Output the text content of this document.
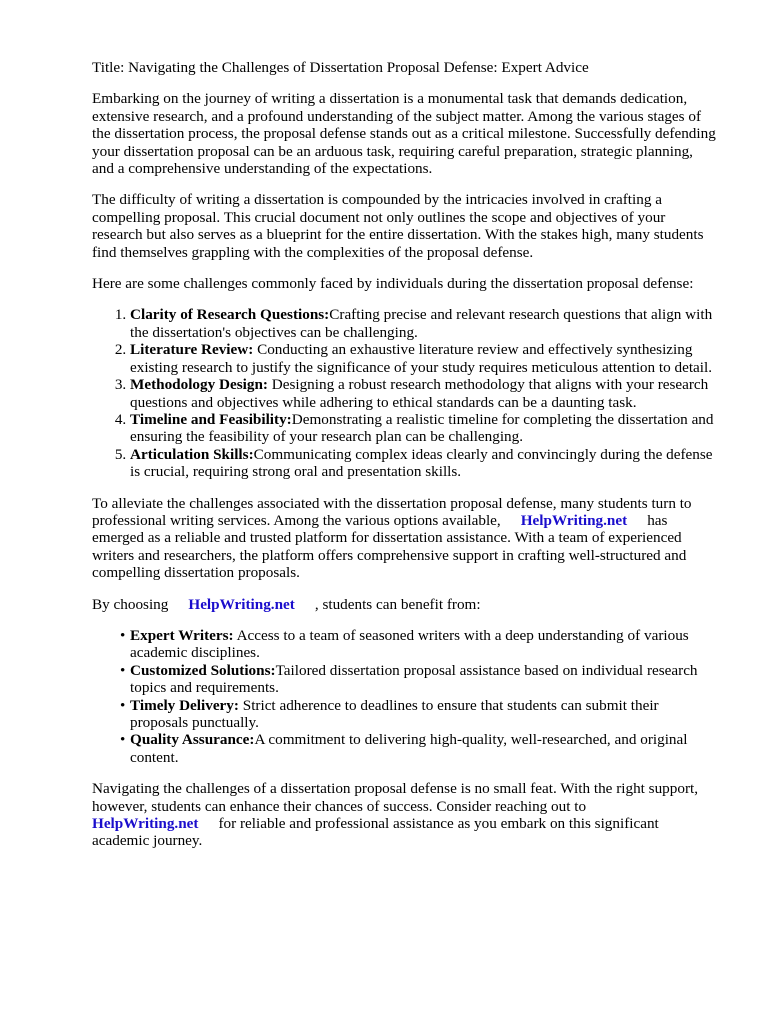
Title: Navigating the Challenges of Dissertation Proposal Defense: Expert Advice

Embarking on the journey of writing a dissertation is a monumental task that demands dedication, extensive research, and a profound understanding of the subject matter. Among the various stages of the dissertation process, the proposal defense stands out as a critical milestone. Successfully defending your dissertation proposal can be an arduous task, requiring careful preparation, strategic planning, and a comprehensive understanding of the expectations.

The difficulty of writing a dissertation is compounded by the intricacies involved in crafting a compelling proposal. This crucial document not only outlines the scope and objectives of your research but also serves as a blueprint for the entire dissertation. With the stakes high, many students find themselves grappling with the complexities of the proposal defense.

Here are some challenges commonly faced by individuals during the dissertation proposal defense:

1. Clarity of Research Questions:Crafting precise and relevant research questions that align with the dissertation's objectives can be challenging.
2. Literature Review: Conducting an exhaustive literature review and effectively synthesizing existing research to justify the significance of your study requires meticulous attention to detail.
3. Methodology Design: Designing a robust research methodology that aligns with your research questions and objectives while adhering to ethical standards can be a daunting task.
4. Timeline and Feasibility:Demonstrating a realistic timeline for completing the dissertation and ensuring the feasibility of your research plan can be challenging.
5. Articulation Skills:Communicating complex ideas clearly and convincingly during the defense is crucial, requiring strong oral and presentation skills.

To alleviate the challenges associated with the dissertation proposal defense, many students turn to professional writing services. Among the various options available, HelpWriting.net has emerged as a reliable and trusted platform for dissertation assistance. With a team of experienced writers and researchers, the platform offers comprehensive support in crafting well-structured and compelling dissertation proposals.

By choosing HelpWriting.net , students can benefit from:

• Expert Writers: Access to a team of seasoned writers with a deep understanding of various academic disciplines.
• Customized Solutions:Tailored dissertation proposal assistance based on individual research topics and requirements.
• Timely Delivery: Strict adherence to deadlines to ensure that students can submit their proposals punctually.
• Quality Assurance:A commitment to delivering high-quality, well-researched, and original content.

Navigating the challenges of a dissertation proposal defense is no small feat. With the right support, however, students can enhance their chances of success. Consider reaching out to HelpWriting.net for reliable and professional assistance as you embark on this significant academic journey.
